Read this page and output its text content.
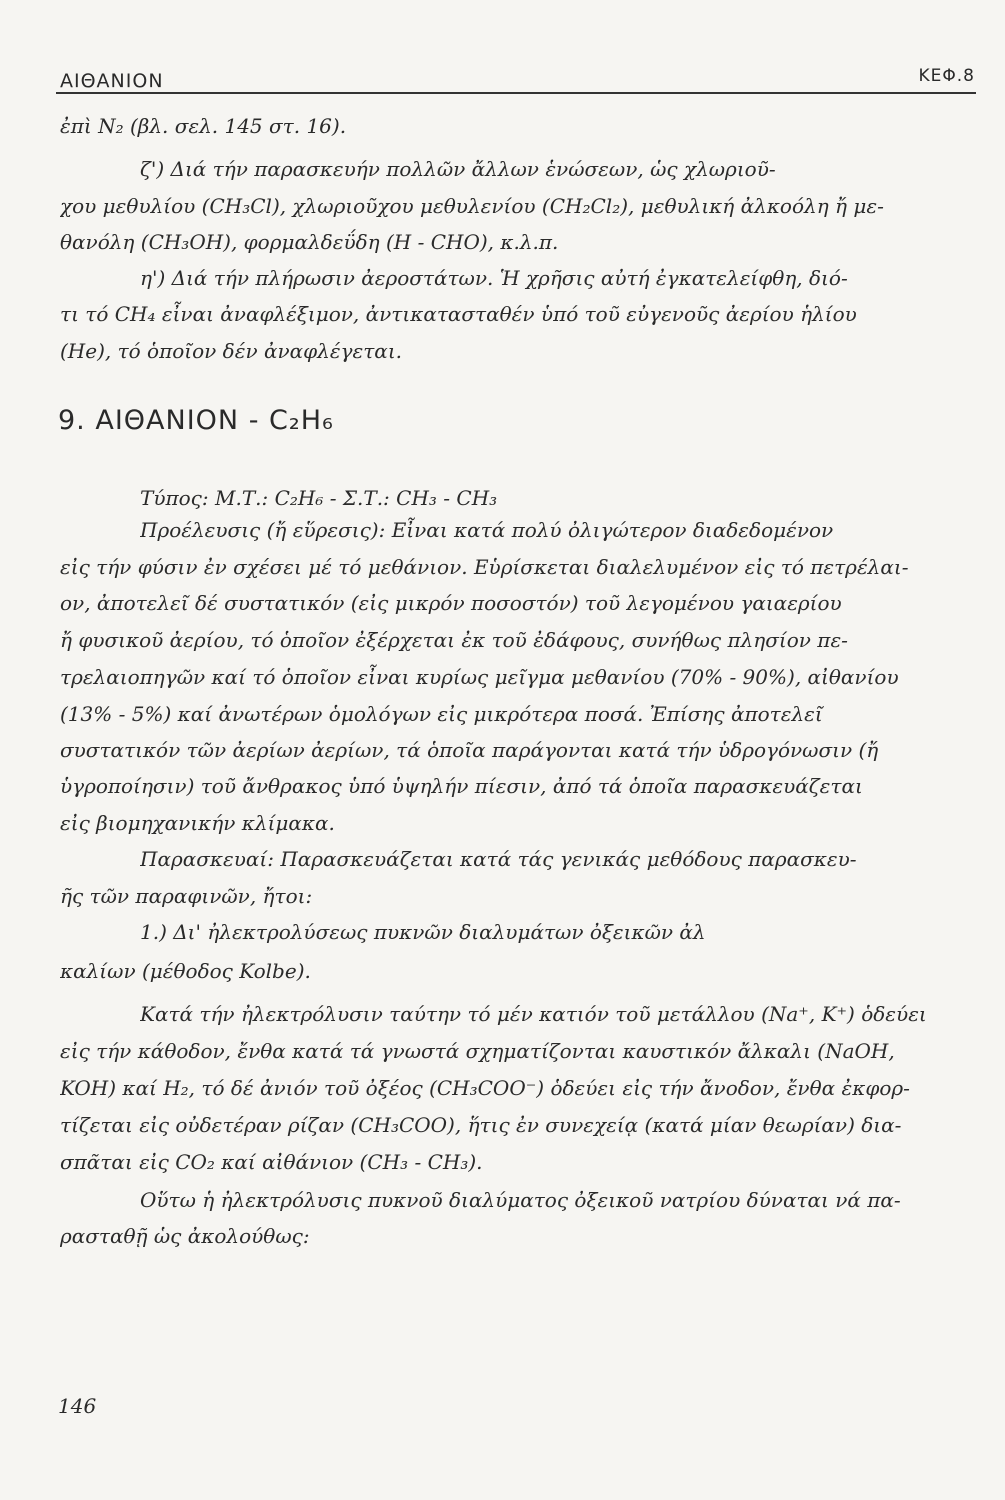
ΑΙΘΑΝΙΟΝ	ΚΕΦ.8
ἐπὶ N₂ (βλ. σελ. 145 στ. 16).
ζ') Διά τήν παρασκευήν πολλῶν ἄλλων ἑνώσεων, ὡς χλωριοῦ-
χου μεθυλίου (CH₃Cl), χλωριοῦχου μεθυλενίου (CH₂Cl₂), μεθυλική ἀλκοόλη ἤ με-
θανόλη (CH₃OH), φορμαλδεΰδη (H - CHO), κ.λ.π.
η') Διά τήν πλήρωσιν ἀεροστάτων. Ἡ χρῆσις αὐτή ἐγκατελείφθη, διό-
τι τό CH₄ εἶναι ἀναφλέξιμον, ἀντικατασταθέν ὑπό τοῦ εὐγενοῦς ἀερίου ἡλίου
(He), τό ὁποῖον δέν ἀναφλέγεται.
9. ΑΙΘΑΝΙΟΝ - C₂H₆
Τύπος: Μ.Τ.: C₂H₆ - Σ.Τ.: CH₃ - CH₃
Προέλευσις (ἤ εὕρεσις): Εἶναι κατά πολύ ὀλιγώτερον διαδεδομένον
εἰς τήν φύσιν ἐν σχέσει μέ τό μεθάνιον. Εὑρίσκεται διαλελυμένον εἰς τό πετρέλαι-
ον, ἀποτελεῖ δέ συστατικόν (εἰς μικρόν ποσοστόν) τοῦ λεγομένου γαιαερίου
ἤ φυσικοῦ ἀερίου, τό ὁποῖον ἐξέρχεται ἐκ τοῦ ἐδάφους, συνήθως πλησίον πε-
τρελαιοπηγῶν καί τό ὁποῖον εἶναι κυρίως μεῖγμα μεθανίου (70% - 90%), αἰθανίου
(13% - 5%) καί ἀνωτέρων ὁμολόγων εἰς μικρότερα ποσά. Ἐπίσης ἀποτελεῖ
συστατικόν τῶν ἀερίων ἀερίων, τά ὁποῖα παράγονται κατά τήν ὑδρογόνωσιν (ἤ
ὑγροποίησιν) τοῦ ἄνθρακος ὑπό ὑψηλήν πίεσιν, ἀπό τά ὁποῖα παρασκευάζεται
εἰς βιομηχανικήν κλίμακα.
Παρασκευαί: Παρασκευάζεται κατά τάς γενικάς μεθόδους παρασκευ-
ῆς τῶν παραφινῶν, ἤτοι:
1.) Δι' ἠλεκτρολύσεως πυκνῶν διαλυμάτων ὀξεικῶν ἀλ
καλίων (μέθοδος Kolbe).
Κατά τήν ἠλεκτρόλυσιν ταύτην τό μέν κατιόν τοῦ μετάλλου (Na⁺, K⁺) ὁδεύει
εἰς τήν κάθοδον, ἔνθα κατά τά γνωστά σχηματίζονται καυστικόν ἄλκαλι (NaOH,
KOH) καί H₂, τό δέ ἀνιόν τοῦ ὀξέος (CH₃COO⁻) ὁδεύει εἰς τήν ἄνοδον, ἔνθα ἐκφορ-
τίζεται εἰς οὐδετέραν ρίζαν (CH₃COO), ἥτις ἐν συνεχείᾳ (κατά μίαν θεωρίαν) δια-
σπᾶται εἰς CO₂ καί αἰθάνιον (CH₃ - CH₃).
Οὕτω ἡ ἠλεκτρόλυσις πυκνοῦ διαλύματος ὀξεικοῦ νατρίου δύναται νά πα-
ρασταθῇ ὡς ἀκολούθως:
146
